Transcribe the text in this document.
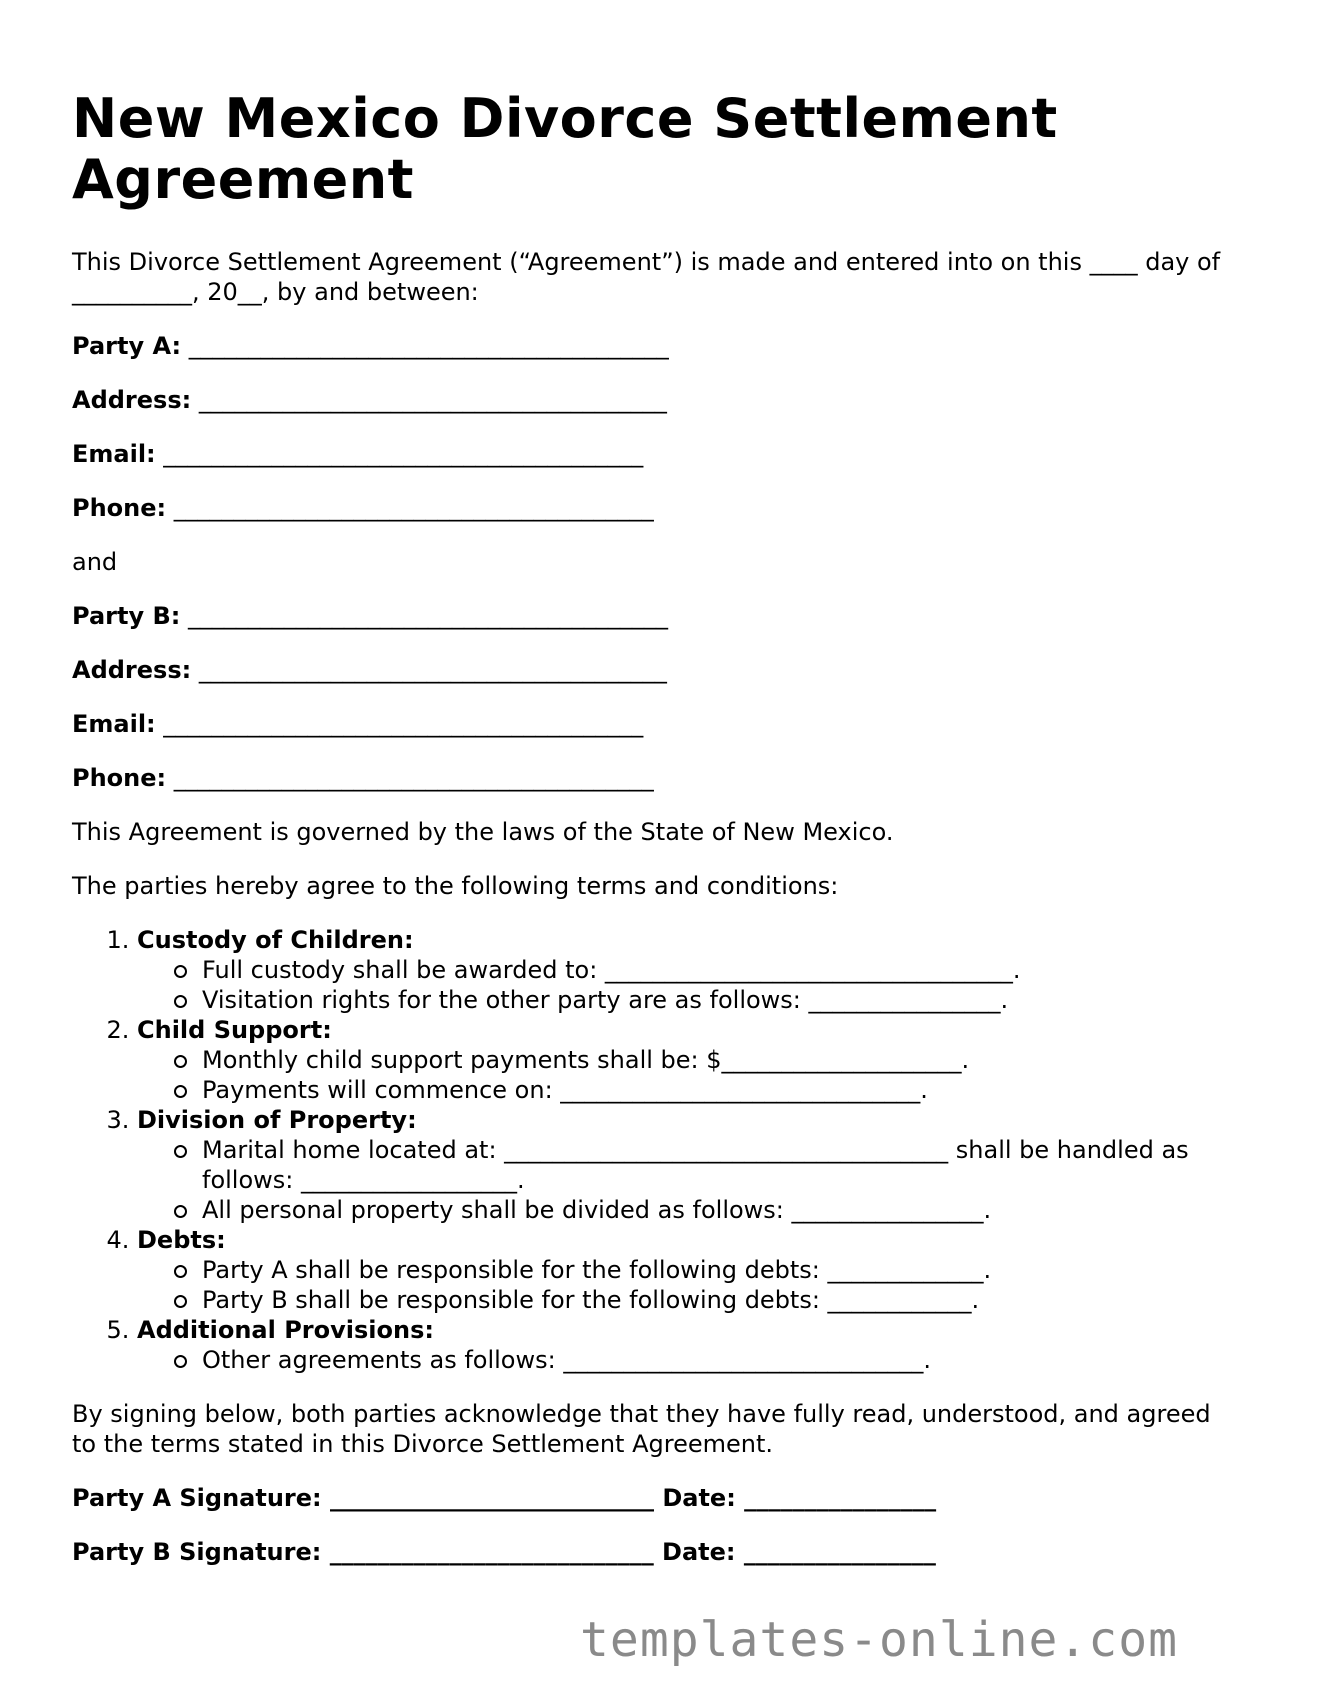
New Mexico Divorce Settlement Agreement

This Divorce Settlement Agreement (“Agreement”) is made and entered into on this ____ day of __________, 20__, by and between:

Party A: ________________________________________

Address: _______________________________________

Email: ________________________________________

Phone: ________________________________________

and

Party B: ________________________________________

Address: _______________________________________

Email: ________________________________________

Phone: ________________________________________

This Agreement is governed by the laws of the State of New Mexico.

The parties hereby agree to the following terms and conditions:

1. Custody of Children:
Full custody shall be awarded to: __________________________________.
Visitation rights for the other party are as follows: ________________.
2. Child Support:
Monthly child support payments shall be: $____________________.
Payments will commence on: ______________________________.
3. Division of Property:
Marital home located at: _____________________________________ shall be handled as follows: __________________.
All personal property shall be divided as follows: ________________.
4. Debts:
Party A shall be responsible for the following debts: _____________.
Party B shall be responsible for the following debts: ____________.
5. Additional Provisions:
Other agreements as follows: ______________________________.

By signing below, both parties acknowledge that they have fully read, understood, and agreed to the terms stated in this Divorce Settlement Agreement.

Party A Signature: ___________________________ Date: ________________

Party B Signature: ___________________________ Date: ________________

templates-online.com
